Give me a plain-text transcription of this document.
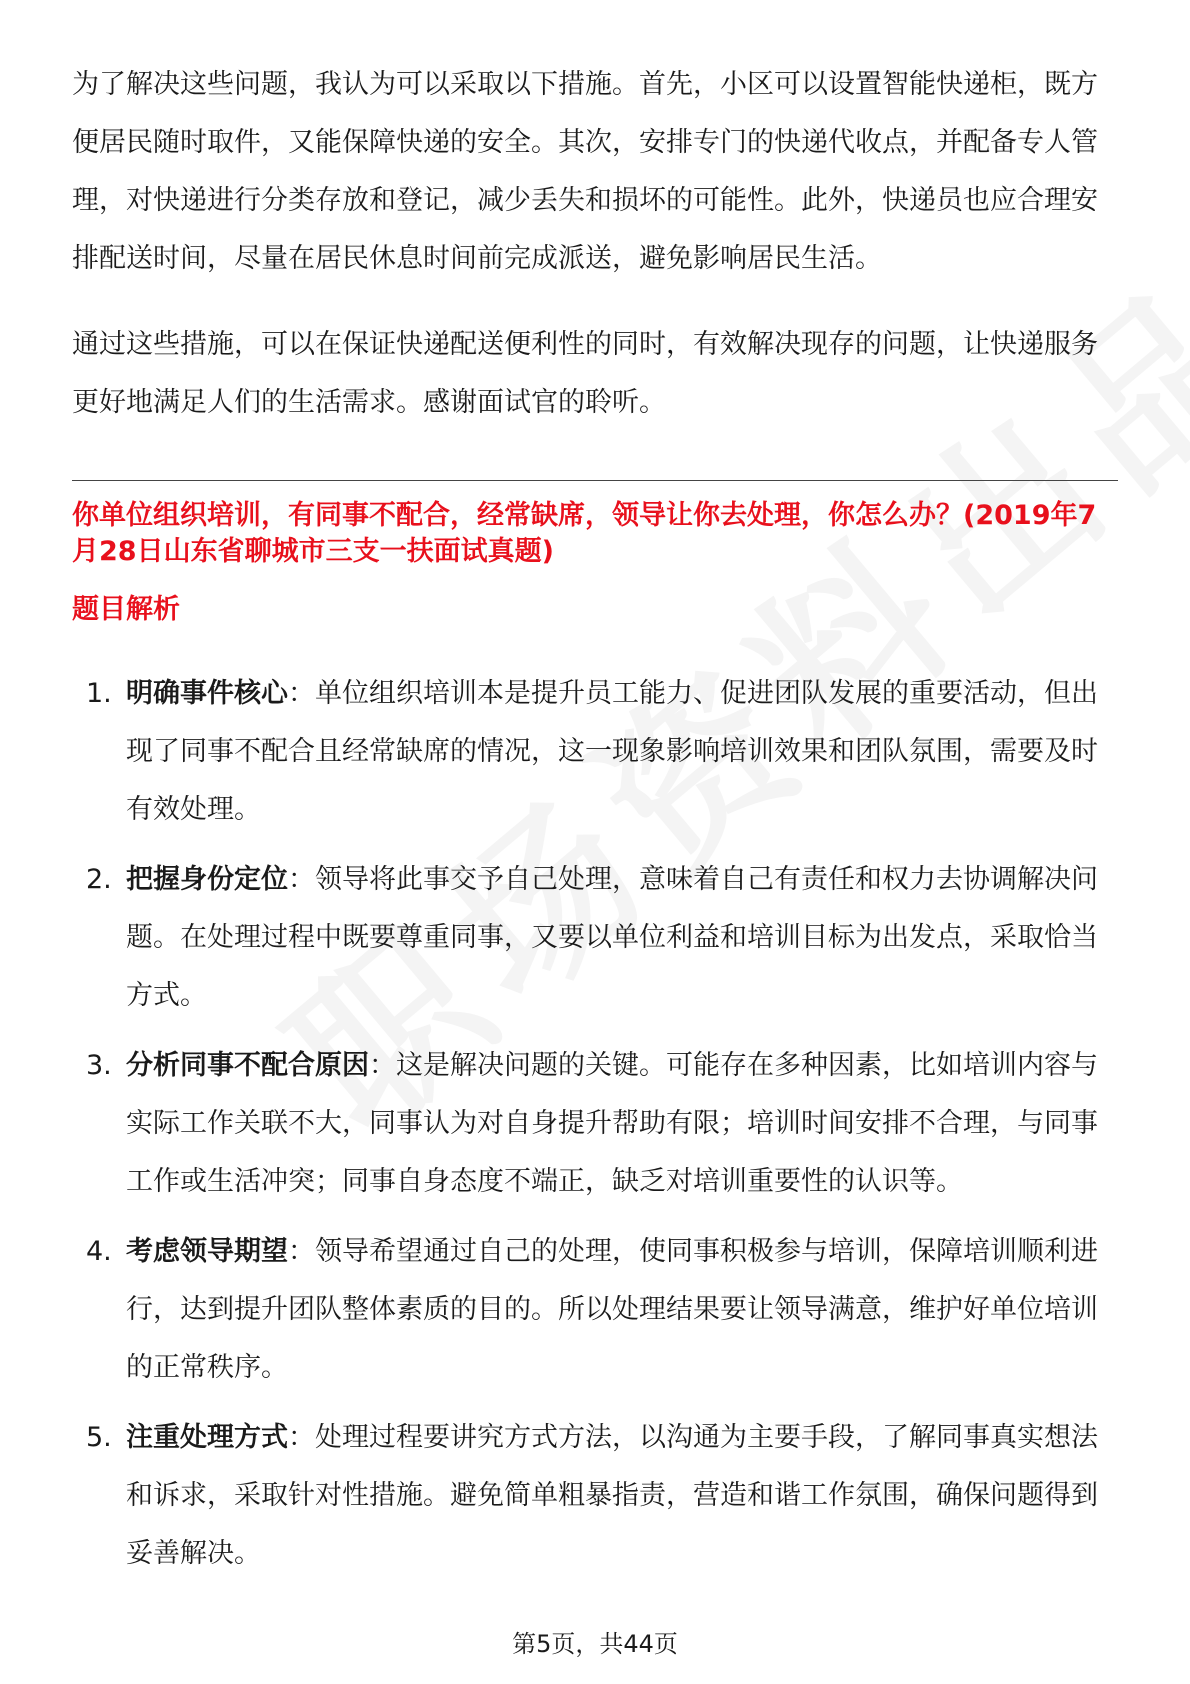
为了解决这些问题，我认为可以采取以下措施。首先，小区可以设置智能快递柜，既方便居民随时取件，又能保障快递的安全。其次，安排专门的快递代收点，并配备专人管理，对快递进行分类存放和登记，减少丢失和损坏的可能性。此外，快递员也应合理安排配送时间，尽量在居民休息时间前完成派送，避免影响居民生活。

通过这些措施，可以在保证快递配送便利性的同时，有效解决现存的问题，让快递服务更好地满足人们的生活需求。感谢面试官的聆听。

你单位组织培训，有同事不配合，经常缺席，领导让你去处理，你怎么办？(2019年7月28日山东省聊城市三支一扶面试真题)

题目解析

1. 明确事件核心：单位组织培训本是提升员工能力、促进团队发展的重要活动，但出现了同事不配合且经常缺席的情况，这一现象影响培训效果和团队氛围，需要及时有效处理。
2. 把握身份定位：领导将此事交予自己处理，意味着自己有责任和权力去协调解决问题。在处理过程中既要尊重同事，又要以单位利益和培训目标为出发点，采取恰当方式。
3. 分析同事不配合原因：这是解决问题的关键。可能存在多种因素，比如培训内容与实际工作关联不大，同事认为对自身提升帮助有限；培训时间安排不合理，与同事工作或生活冲突；同事自身态度不端正，缺乏对培训重要性的认识等。
4. 考虑领导期望：领导希望通过自己的处理，使同事积极参与培训，保障培训顺利进行，达到提升团队整体素质的目的。所以处理结果要让领导满意，维护好单位培训的正常秩序。
5. 注重处理方式：处理过程要讲究方式方法，以沟通为主要手段，了解同事真实想法和诉求，采取针对性措施。避免简单粗暴指责，营造和谐工作氛围，确保问题得到妥善解决。
第5页，共44页
